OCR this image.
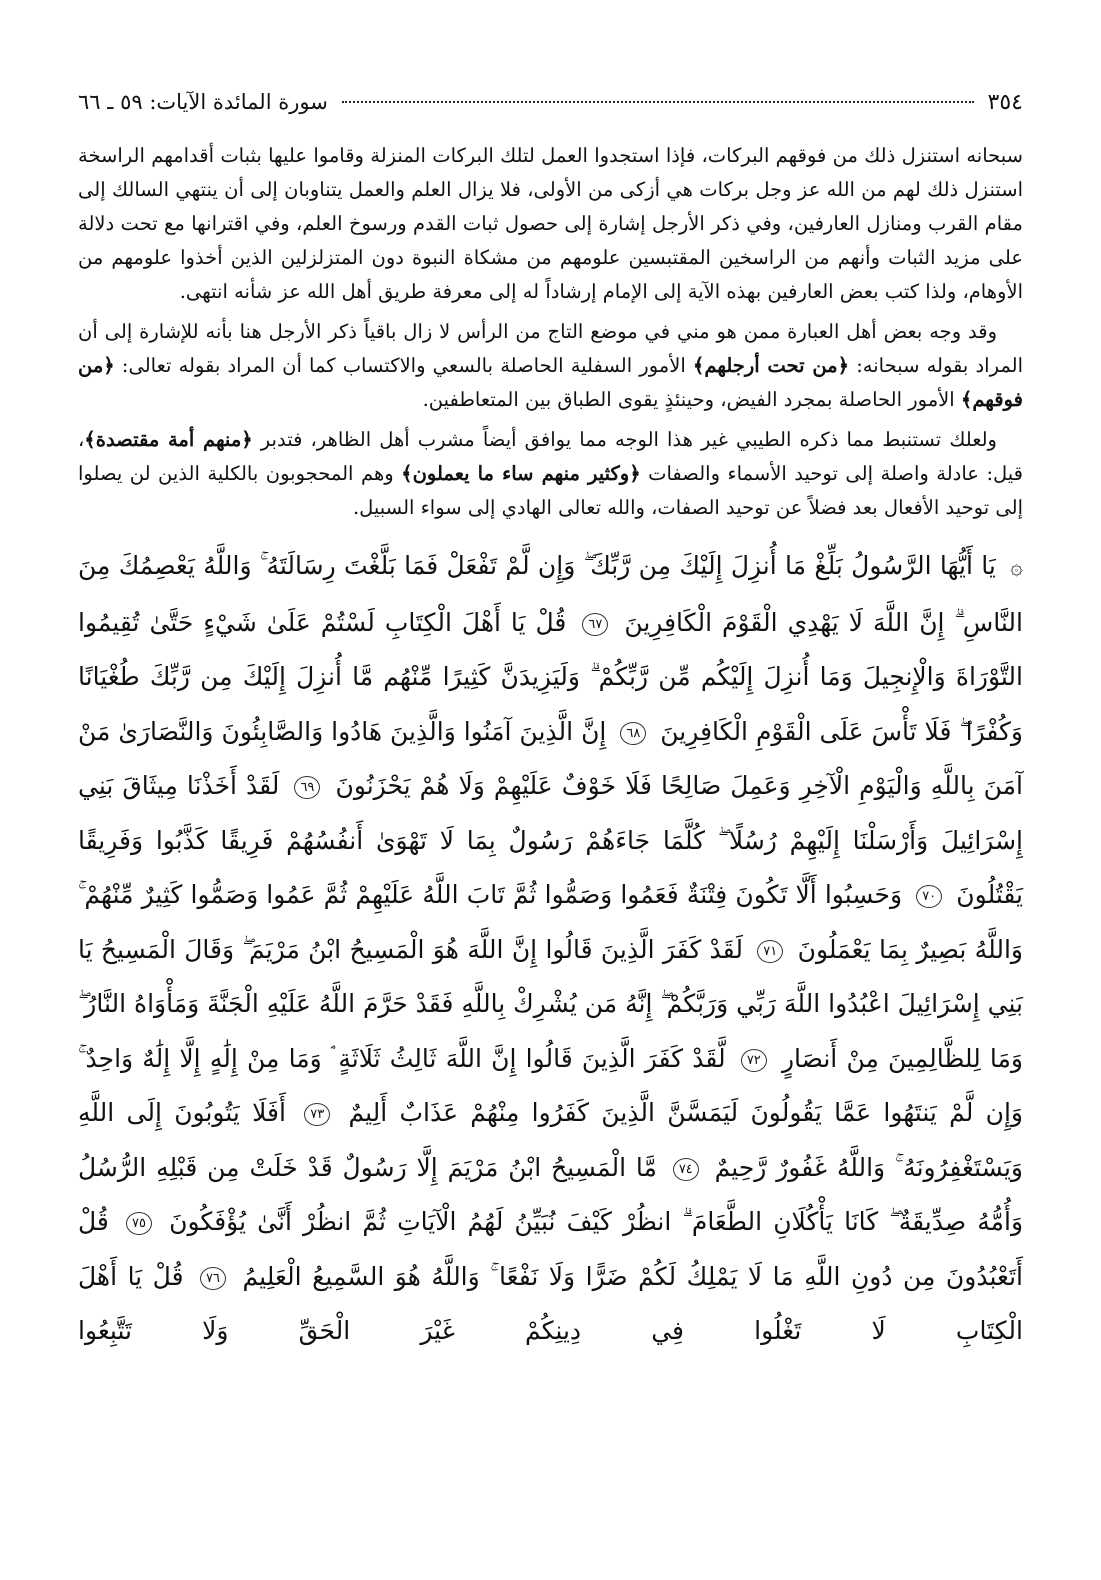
٣٥٤
سورة المائدة الآيات: ٥٩ ـ ٦٦

سبحانه استنزل ذلك من فوقهم البركات، فإذا استجدوا العمل لتلك البركات المنزلة وقاموا عليها بثبات أقدامهم الراسخة استنزل ذلك لهم من الله عز وجل بركات هي أزكى من الأولى، فلا يزال العلم والعمل يتناوبان إلى أن ينتهي السالك إلى مقام القرب ومنازل العارفين، وفي ذكر الأرجل إشارة إلى حصول ثبات القدم ورسوخ العلم، وفي اقترانها مع تحت دلالة على مزيد الثبات وأنهم من الراسخين المقتبسين علومهم من مشكاة النبوة دون المتزلزلين الذين أخذوا علومهم من الأوهام، ولذا كتب بعض العارفين بهذه الآية إلى الإمام إرشاداً له إلى معرفة طريق أهل الله عز شأنه انتهى.

وقد وجه بعض أهل العبارة ممن هو مني في موضع التاج من الرأس لا زال باقياً ذكر الأرجل هنا بأنه للإشارة إلى أن المراد بقوله سبحانه: ﴿من تحت أرجلهم﴾ الأمور السفلية الحاصلة بالسعي والاكتساب كما أن المراد بقوله تعالى: ﴿من فوقهم﴾ الأمور الحاصلة بمجرد الفيض، وحينئذٍ يقوى الطباق بين المتعاطفين.

ولعلك تستنبط مما ذكره الطيبي غير هذا الوجه مما يوافق أيضاً مشرب أهل الظاهر، فتدبر ﴿منهم أمة مقتصدة﴾، قيل: عادلة واصلة إلى توحيد الأسماء والصفات ﴿وكثير منهم ساء ما يعملون﴾ وهم المحجوبون بالكلية الذين لن يصلوا إلى توحيد الأفعال بعد فضلاً عن توحيد الصفات، والله تعالى الهادي إلى سواء السبيل.

۞ يَا أَيُّهَا الرَّسُولُ بَلِّغْ مَا أُنزِلَ إِلَيْكَ مِن رَّبِّكَ ۖ وَإِن لَّمْ تَفْعَلْ فَمَا بَلَّغْتَ رِسَالَتَهُ ۚ وَاللَّهُ يَعْصِمُكَ مِنَ النَّاسِ ۗ إِنَّ اللَّهَ لَا يَهْدِي الْقَوْمَ الْكَافِرِينَ ٦٧ قُلْ يَا أَهْلَ الْكِتَابِ لَسْتُمْ عَلَىٰ شَيْءٍ حَتَّىٰ تُقِيمُوا التَّوْرَاةَ وَالْإِنجِيلَ وَمَا أُنزِلَ إِلَيْكُم مِّن رَّبِّكُمْ ۗ وَلَيَزِيدَنَّ كَثِيرًا مِّنْهُم مَّا أُنزِلَ إِلَيْكَ مِن رَّبِّكَ طُغْيَانًا وَكُفْرًا ۖ فَلَا تَأْسَ عَلَى الْقَوْمِ الْكَافِرِينَ ٦٨ إِنَّ الَّذِينَ آمَنُوا وَالَّذِينَ هَادُوا وَالصَّابِئُونَ وَالنَّصَارَىٰ مَنْ آمَنَ بِاللَّهِ وَالْيَوْمِ الْآخِرِ وَعَمِلَ صَالِحًا فَلَا خَوْفٌ عَلَيْهِمْ وَلَا هُمْ يَحْزَنُونَ ٦٩ لَقَدْ أَخَذْنَا مِيثَاقَ بَنِي إِسْرَائِيلَ وَأَرْسَلْنَا إِلَيْهِمْ رُسُلًا ۖ كُلَّمَا جَاءَهُمْ رَسُولٌ بِمَا لَا تَهْوَىٰ أَنفُسُهُمْ فَرِيقًا كَذَّبُوا وَفَرِيقًا يَقْتُلُونَ ٧٠ وَحَسِبُوا أَلَّا تَكُونَ فِتْنَةٌ فَعَمُوا وَصَمُّوا ثُمَّ تَابَ اللَّهُ عَلَيْهِمْ ثُمَّ عَمُوا وَصَمُّوا كَثِيرٌ مِّنْهُمْ ۚ وَاللَّهُ بَصِيرٌ بِمَا يَعْمَلُونَ ٧١ لَقَدْ كَفَرَ الَّذِينَ قَالُوا إِنَّ اللَّهَ هُوَ الْمَسِيحُ ابْنُ مَرْيَمَ ۖ وَقَالَ الْمَسِيحُ يَا بَنِي إِسْرَائِيلَ اعْبُدُوا اللَّهَ رَبِّي وَرَبَّكُمْ ۖ إِنَّهُ مَن يُشْرِكْ بِاللَّهِ فَقَدْ حَرَّمَ اللَّهُ عَلَيْهِ الْجَنَّةَ وَمَأْوَاهُ النَّارُ ۖ وَمَا لِلظَّالِمِينَ مِنْ أَنصَارٍ ٧٢ لَّقَدْ كَفَرَ الَّذِينَ قَالُوا إِنَّ اللَّهَ ثَالِثُ ثَلَاثَةٍ ۘ وَمَا مِنْ إِلَٰهٍ إِلَّا إِلَٰهٌ وَاحِدٌ ۚ وَإِن لَّمْ يَنتَهُوا عَمَّا يَقُولُونَ لَيَمَسَّنَّ الَّذِينَ كَفَرُوا مِنْهُمْ عَذَابٌ أَلِيمٌ ٧٣ أَفَلَا يَتُوبُونَ إِلَى اللَّهِ وَيَسْتَغْفِرُونَهُ ۚ وَاللَّهُ غَفُورٌ رَّحِيمٌ ٧٤ مَّا الْمَسِيحُ ابْنُ مَرْيَمَ إِلَّا رَسُولٌ قَدْ خَلَتْ مِن قَبْلِهِ الرُّسُلُ وَأُمُّهُ صِدِّيقَةٌ ۖ كَانَا يَأْكُلَانِ الطَّعَامَ ۗ انظُرْ كَيْفَ نُبَيِّنُ لَهُمُ الْآيَاتِ ثُمَّ انظُرْ أَنَّىٰ يُؤْفَكُونَ ٧٥ قُلْ أَتَعْبُدُونَ مِن دُونِ اللَّهِ مَا لَا يَمْلِكُ لَكُمْ ضَرًّا وَلَا نَفْعًا ۚ وَاللَّهُ هُوَ السَّمِيعُ الْعَلِيمُ ٧٦ قُلْ يَا أَهْلَ الْكِتَابِ لَا تَغْلُوا فِي دِينِكُمْ غَيْرَ الْحَقِّ وَلَا تَتَّبِعُوا
